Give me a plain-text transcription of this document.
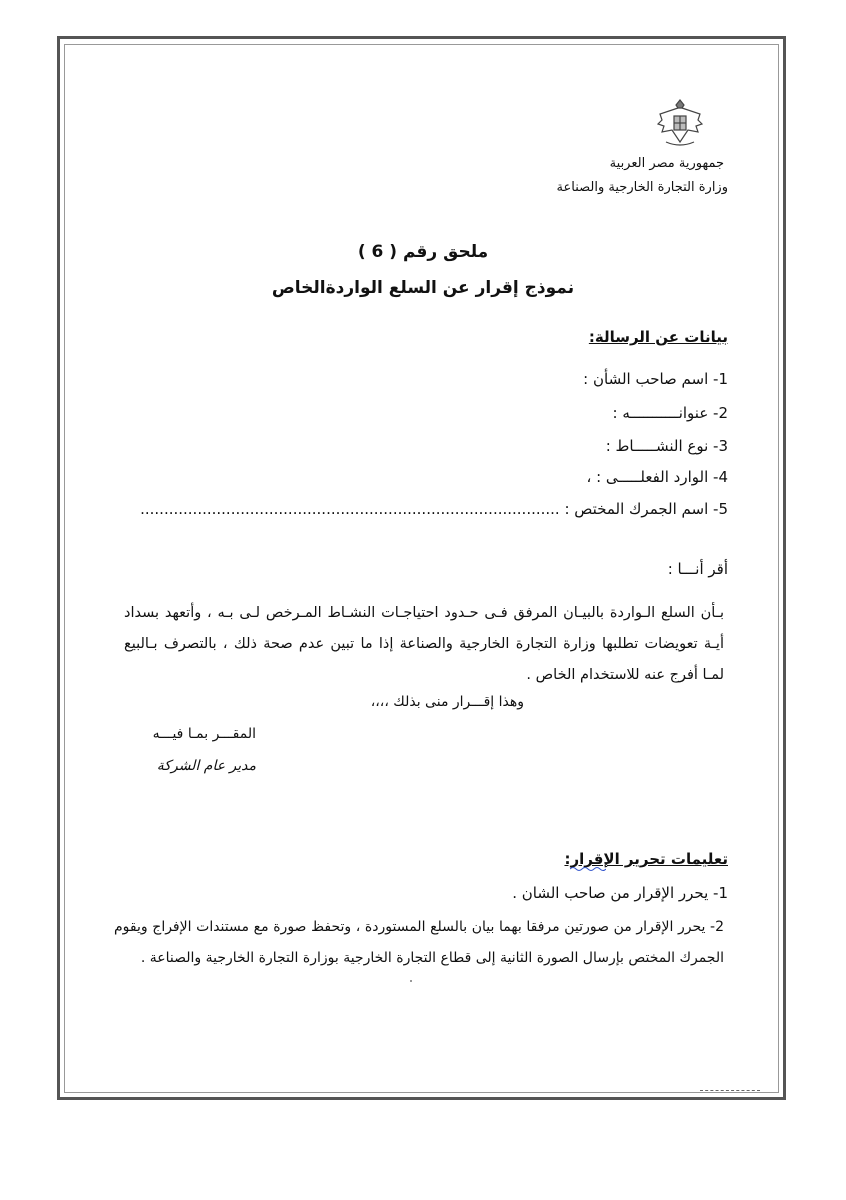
جمهورية مصر العربية
وزارة التجارة الخارجية والصناعة
ملحق رقم ( 6 )
نموذج إقرار عن السلع الواردةالخاص
بيانات عن الرسالة:
1- اسم صاحب الشأن :
2- عنوانـــــــــــه :
3- نوع النشـــــاط :
4- الوارد الفعلـــــى : ،
5- اسم الجمرك المختص : ........................................................................................
أقر أنـــا :
بـأن السلع الـواردة بالبيـان المرفق فـى حـدود احتياجـات النشـاط المـرخص لـى بـه ، وأتعهد بسداد أيـة تعويضات تطلبها وزارة التجارة الخارجية والصناعة إذا ما تبين عدم صحة ذلك ، بالتصرف بـالبيع لمـا أفرج عنه للاستخدام الخاص .
وهذا إقـــرار منى بذلك ،،،،
المقـــر بمـا فيـــه
مدير عام الشركة
تعليمات تحرير الإقرار:
1- يحرر الإقرار من صاحب الشان .
2- يحرر الإقرار من صورتين مرفقا بهما بيان بالسلع المستوردة ، وتحفظ صورة مع مستندات الإفراج ويقوم الجمرك المختص بإرسال الصورة الثانية إلى قطاع التجارة الخارجية بوزارة التجارة الخارجية والصناعة .
